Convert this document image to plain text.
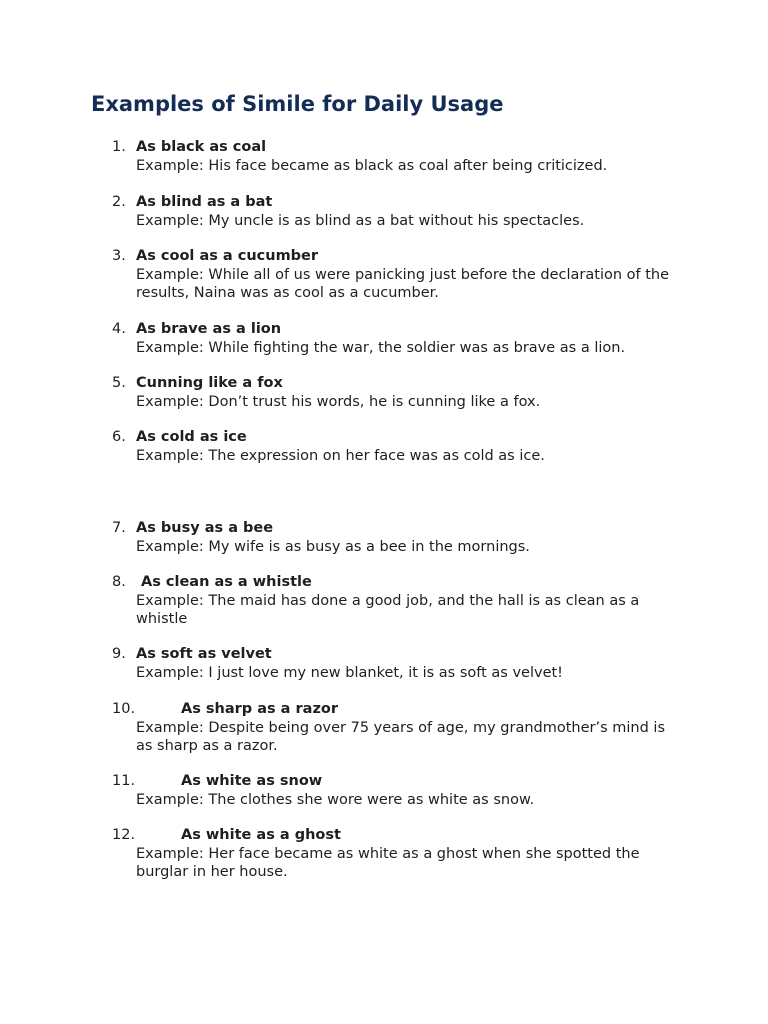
Examples of Simile for Daily Usage
1. As black as coal

Example: His face became as black as coal after being criticized.

2. As blind as a bat

Example: My uncle is as blind as a bat without his spectacles.

3. As cool as a cucumber

Example: While all of us were panicking just before the declaration of the results, Naina was as cool as a cucumber.

4. As brave as a lion

Example: While fighting the war, the soldier was as brave as a lion.

5. Cunning like a fox

Example: Don’t trust his words, he is cunning like a fox.

6. As cold as ice

Example: The expression on her face was as cold as ice.

7. As busy as a bee

Example: My wife is as busy as a bee in the mornings.

8. As clean as a whistle

Example: The maid has done a good job, and the hall is as clean as a whistle

9. As soft as velvet

Example: I just love my new blanket, it is as soft as velvet!

10.	As sharp as a razor

Example: Despite being over 75 years of age, my grandmother’s mind is as sharp as a razor.

11.	As white as snow

Example: The clothes she wore were as white as snow.

12.	As white as a ghost

Example: Her face became as white as a ghost when she spotted the burglar in her house.
